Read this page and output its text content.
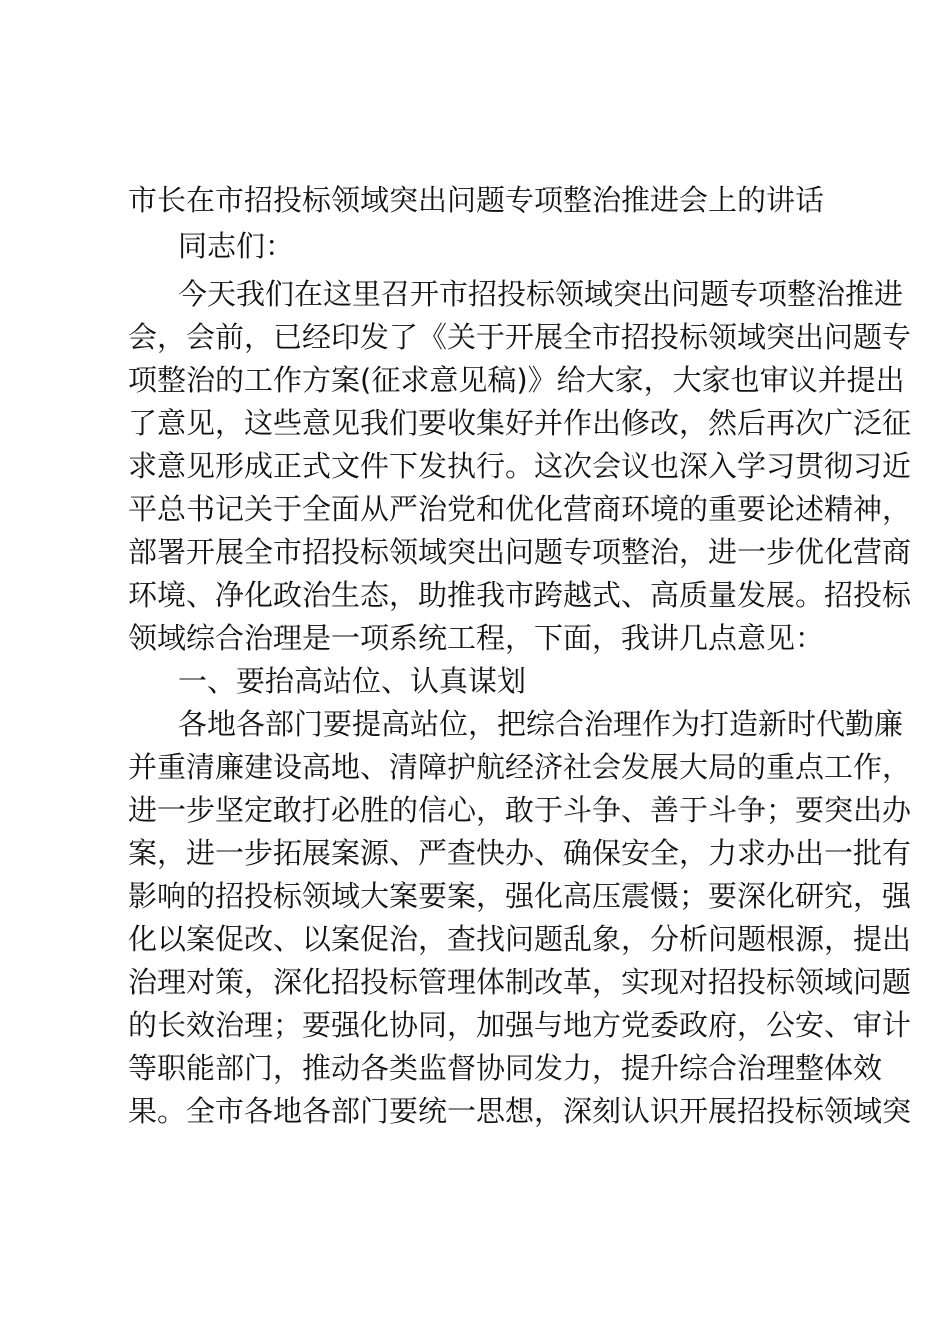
市长在市招投标领域突出问题专项整治推进会上的讲话
同志们：
今天我们在这里召开市招投标领域突出问题专项整治推进
会，会前，已经印发了《关于开展全市招投标领域突出问题专
项整治的工作方案(征求意见稿)》给大家，大家也审议并提出
了意见，这些意见我们要收集好并作出修改，然后再次广泛征
求意见形成正式文件下发执行。这次会议也深入学习贯彻习近
平总书记关于全面从严治党和优化营商环境的重要论述精神，
部署开展全市招投标领域突出问题专项整治，进一步优化营商
环境、净化政治生态，助推我市跨越式、高质量发展。招投标
领域综合治理是一项系统工程，下面，我讲几点意见：
一、要抬高站位、认真谋划
各地各部门要提高站位，把综合治理作为打造新时代勤廉
并重清廉建设高地、清障护航经济社会发展大局的重点工作，
进一步坚定敢打必胜的信心，敢于斗争、善于斗争；要突出办
案，进一步拓展案源、严查快办、确保安全，力求办出一批有
影响的招投标领域大案要案，强化高压震慑；要深化研究，强
化以案促改、以案促治，查找问题乱象，分析问题根源，提出
治理对策，深化招投标管理体制改革，实现对招投标领域问题
的长效治理；要强化协同，加强与地方党委政府，公安、审计
等职能部门，推动各类监督协同发力，提升综合治理整体效
果。全市各地各部门要统一思想，深刻认识开展招投标领域突
